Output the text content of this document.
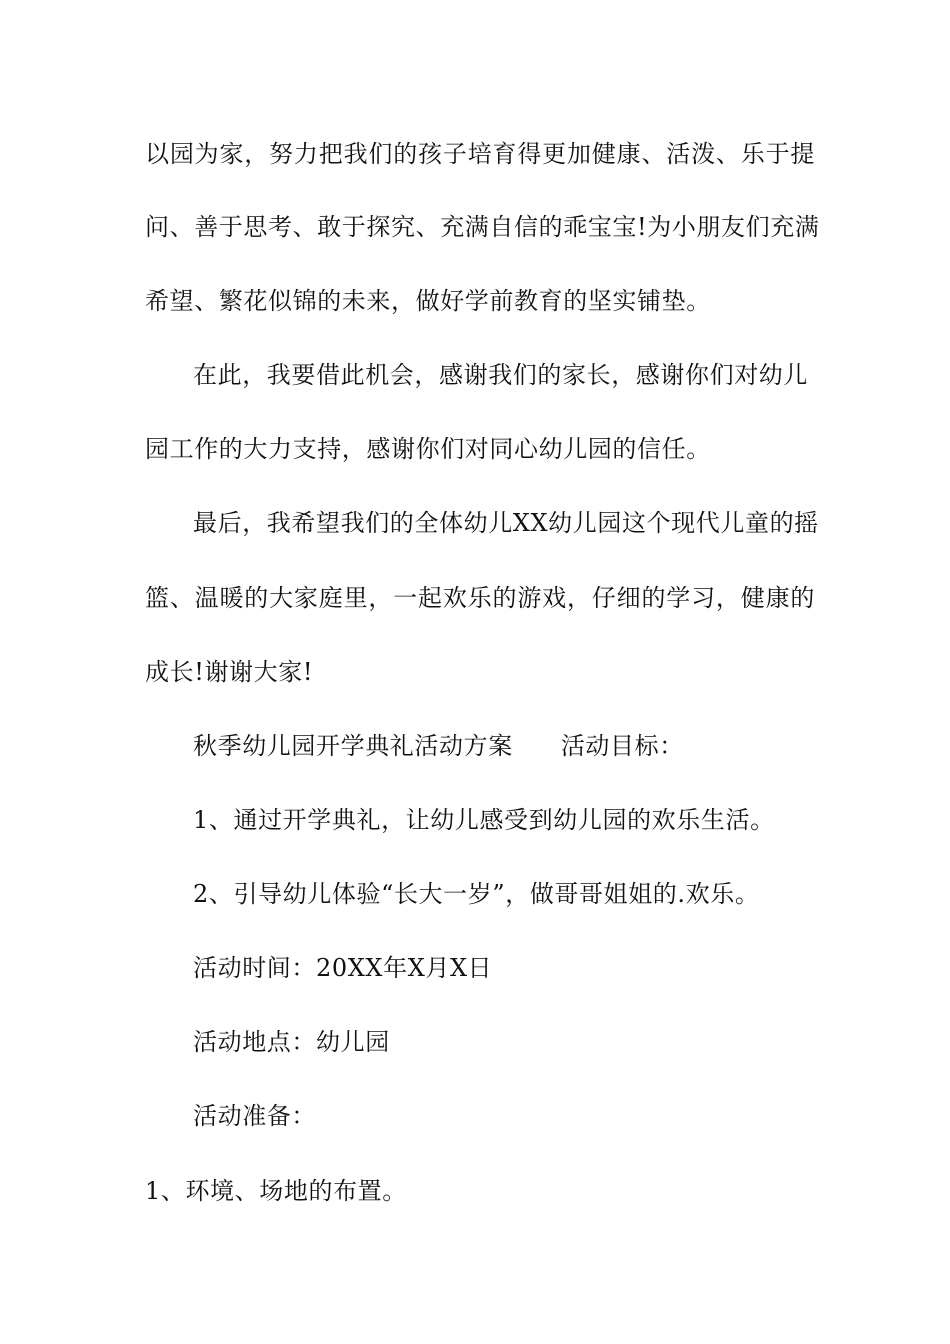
以园为家，努力把我们的孩子培育得更加健康、活泼、乐于提
问、善于思考、敢于探究、充满自信的乖宝宝!为小朋友们充满
希望、繁花似锦的未来，做好学前教育的坚实铺垫。
在此，我要借此机会，感谢我们的家长，感谢你们对幼儿
园工作的大力支持，感谢你们对同心幼儿园的信任。
最后，我希望我们的全体幼儿XX幼儿园这个现代儿童的摇
篮、温暖的大家庭里，一起欢乐的游戏，仔细的学习，健康的
成长!谢谢大家!
秋季幼儿园开学典礼活动方案 活动目标：
1、通过开学典礼，让幼儿感受到幼儿园的欢乐生活。
2、引导幼儿体验“长大一岁”，做哥哥姐姐的.欢乐。
活动时间：20XX年X月X日
活动地点：幼儿园
活动准备：
1、环境、场地的布置。
